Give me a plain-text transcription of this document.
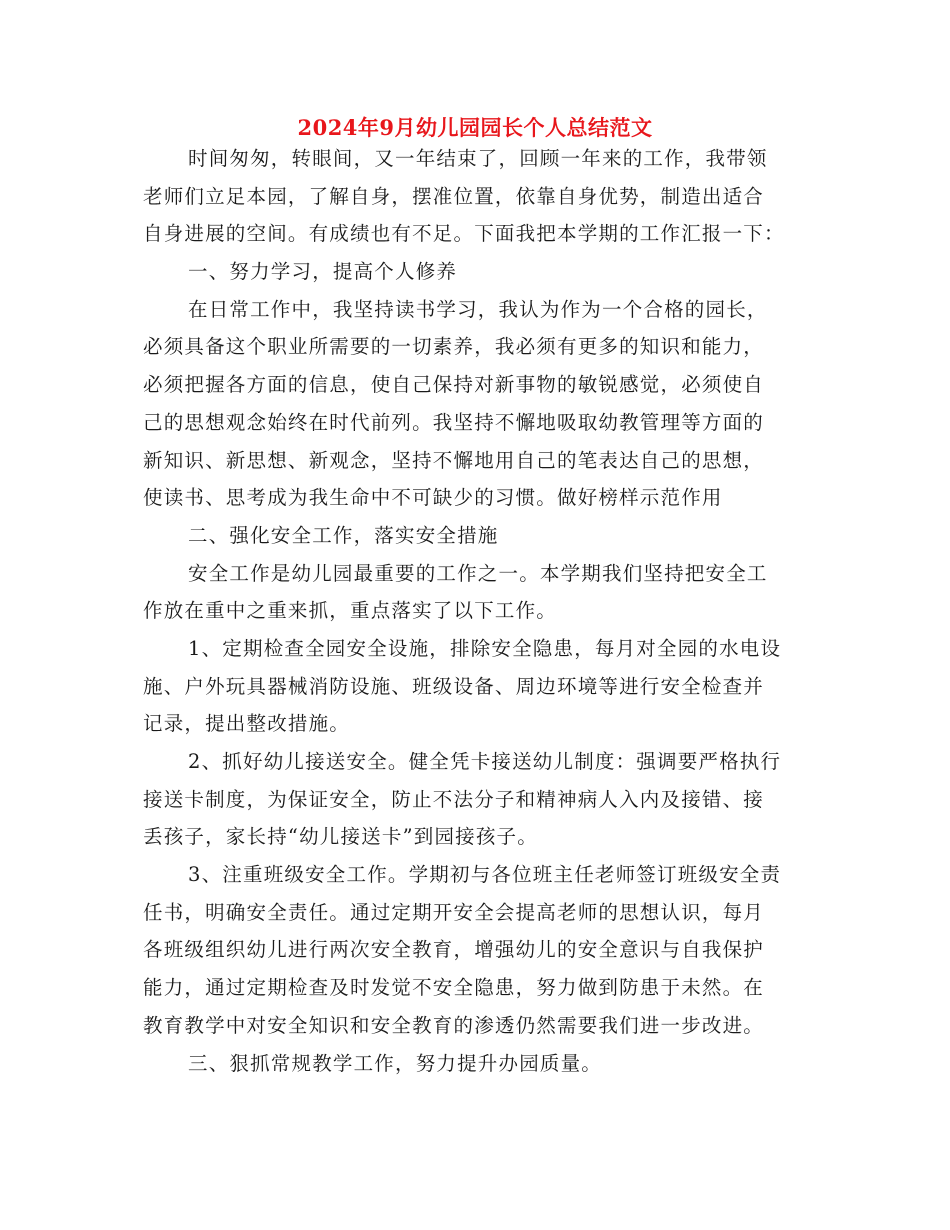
2024年9月幼儿园园长个人总结范文
时间匆匆，转眼间，又一年结束了，回顾一年来的工作，我带领
老师们立足本园，了解自身，摆准位置，依靠自身优势，制造出适合
自身进展的空间。有成绩也有不足。下面我把本学期的工作汇报一下：
一、努力学习，提高个人修养
在日常工作中，我坚持读书学习，我认为作为一个合格的园长，
必须具备这个职业所需要的一切素养，我必须有更多的知识和能力，
必须把握各方面的信息，使自己保持对新事物的敏锐感觉，必须使自
己的思想观念始终在时代前列。我坚持不懈地吸取幼教管理等方面的
新知识、新思想、新观念，坚持不懈地用自己的笔表达自己的思想，
使读书、思考成为我生命中不可缺少的习惯。做好榜样示范作用
二、强化安全工作，落实安全措施
安全工作是幼儿园最重要的工作之一。本学期我们坚持把安全工
作放在重中之重来抓，重点落实了以下工作。
1、定期检查全园安全设施，排除安全隐患，每月对全园的水电设
施、户外玩具器械消防设施、班级设备、周边环境等进行安全检查并
记录，提出整改措施。
2、抓好幼儿接送安全。健全凭卡接送幼儿制度：强调要严格执行
接送卡制度，为保证安全，防止不法分子和精神病人入内及接错、接
丢孩子，家长持“幼儿接送卡”到园接孩子。
3、注重班级安全工作。学期初与各位班主任老师签订班级安全责
任书，明确安全责任。通过定期开安全会提高老师的思想认识，每月
各班级组织幼儿进行两次安全教育，增强幼儿的安全意识与自我保护
能力，通过定期检查及时发觉不安全隐患，努力做到防患于未然。在
教育教学中对安全知识和安全教育的渗透仍然需要我们进一步改进。
三、狠抓常规教学工作，努力提升办园质量。
